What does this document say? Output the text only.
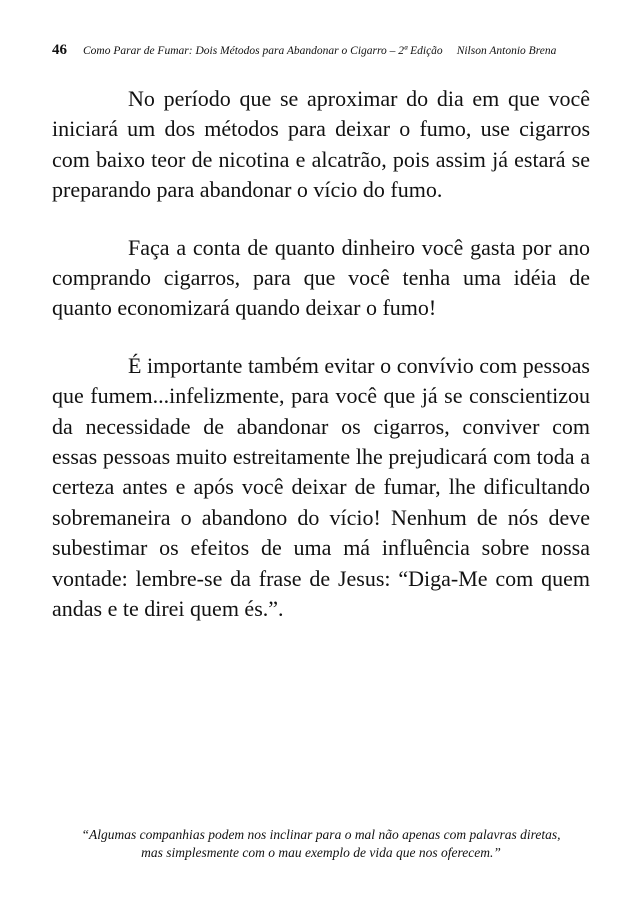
46 Como Parar de Fumar: Dois Métodos para Abandonar o Cigarro – 2ª Edição Nilson Antonio Brena

No período que se aproximar do dia em que você iniciará um dos métodos para deixar o fumo, use cigarros com baixo teor de nicotina e alcatrão, pois assim já estará se preparando para abandonar o vício do fumo.

Faça a conta de quanto dinheiro você gasta por ano comprando cigarros, para que você tenha uma idéia de quanto economizará quando deixar o fumo!

É importante também evitar o convívio com pessoas que fumem...infelizmente, para você que já se conscientizou da necessidade de abandonar os cigarros, conviver com essas pessoas muito estreitamente lhe prejudicará com toda a certeza antes e após você deixar de fumar, lhe dificultando sobremaneira o abandono do vício! Nenhum de nós deve subestimar os efeitos de uma má influência sobre nossa vontade: lembre-se da frase de Jesus: “Diga-Me com quem andas e te direi quem és.”.

“Algumas companhias podem nos inclinar para o mal não apenas com palavras diretas,
mas simplesmente com o mau exemplo de vida que nos oferecem.”
